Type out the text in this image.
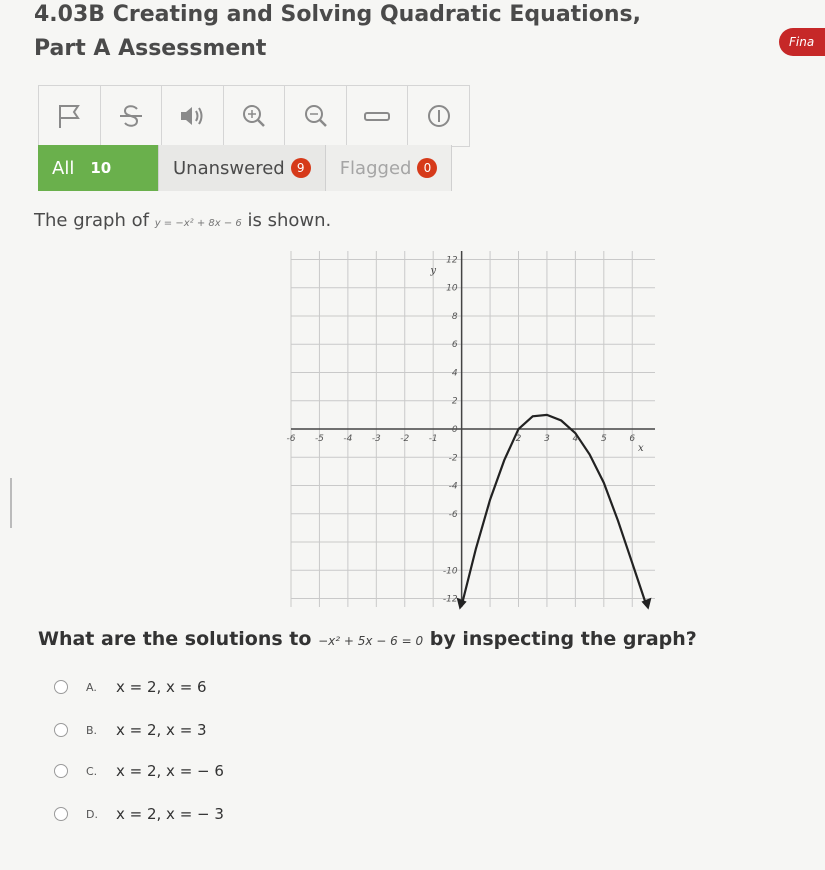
4.03B Creating and Solving Quadratic Equations,
Part A Assessment	Fina
All 10	Unanswered	9	Flagged	0
The graph of y = −x² + 8x − 6 is shown.
-6 -5 -4 -3 -2 -1	2	3	4	5	6
12
10
8
6
4
2
0
-2
-4
-6
-10
-12
x
y
What are the solutions to −x² + 5x − 6 = 0 by inspecting the graph?
A.	x = 2, x = 6
B.	x = 2, x = 3
C.	x = 2, x = − 6
D.	x = 2, x = − 3
